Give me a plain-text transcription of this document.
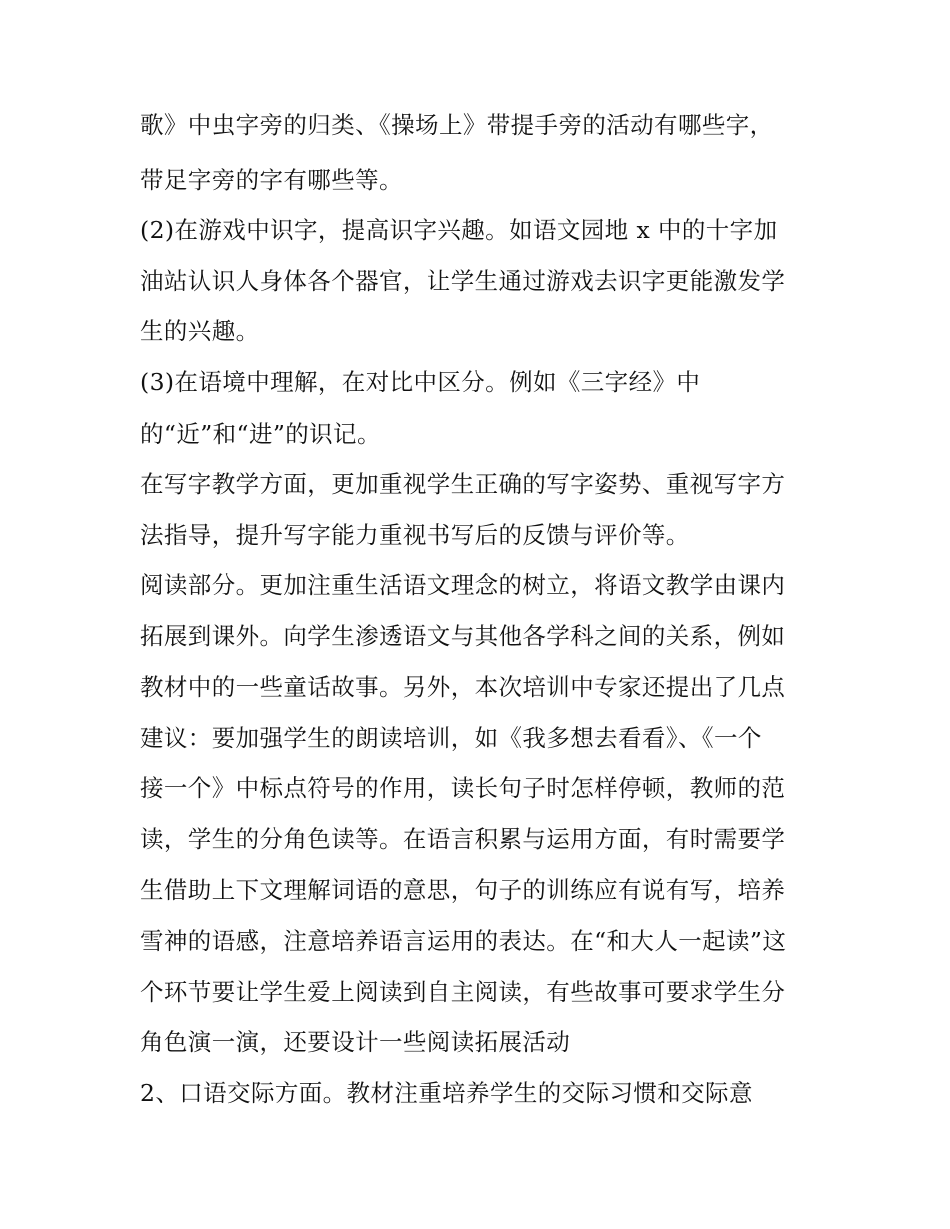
歌》中虫字旁的归类、《操场上》带提手旁的活动有哪些字，

带足字旁的字有哪些等。

(2)在游戏中识字，提高识字兴趣。如语文园地 x 中的十字加

油站认识人身体各个器官，让学生通过游戏去识字更能激发学

生的兴趣。

(3)在语境中理解，在对比中区分。例如《三字经》中

的“近”和“进”的识记。

在写字教学方面，更加重视学生正确的写字姿势、重视写字方

法指导，提升写字能力重视书写后的反馈与评价等。

阅读部分。更加注重生活语文理念的树立，将语文教学由课内

拓展到课外。向学生渗透语文与其他各学科之间的关系，例如

教材中的一些童话故事。另外，本次培训中专家还提出了几点

建议：要加强学生的朗读培训，如《我多想去看看》、《一个

接一个》中标点符号的作用，读长句子时怎样停顿，教师的范

读，学生的分角色读等。在语言积累与运用方面，有时需要学

生借助上下文理解词语的意思，句子的训练应有说有写，培养

雪神的语感，注意培养语言运用的表达。在“和大人一起读”这

个环节要让学生爱上阅读到自主阅读，有些故事可要求学生分

角色演一演，还要设计一些阅读拓展活动

2、口语交际方面。教材注重培养学生的交际习惯和交际意
